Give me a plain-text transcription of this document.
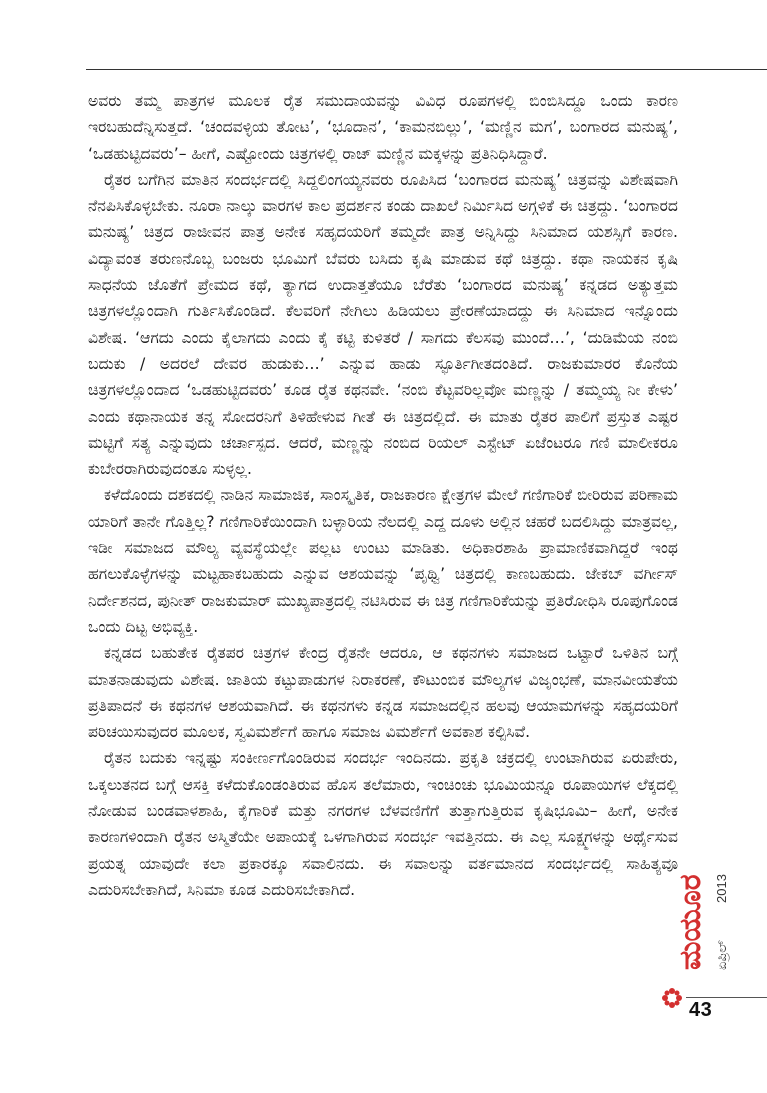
ಅವರು ತಮ್ಮ ಪಾತ್ರಗಳ ಮೂಲಕ ರೈತ ಸಮುದಾಯವನ್ನು ವಿವಿಧ ರೂಪಗಳಲ್ಲಿ ಬಿಂಬಿಸಿದ್ದೂ ಒಂದು ಕಾರಣ ಇರಬಹುದೆನ್ನಿಸುತ್ತದೆ. ‘ಚಂದವಳ್ಳಿಯ ತೋಟ’, ‘ಭೂದಾನ’, ‘ಕಾಮನಬಿಲ್ಲು’, ‘ಮಣ್ಣಿನ ಮಗ’, ಬಂಗಾರದ ಮನುಷ್ಯ’, ‘ಒಡಹುಟ್ಟಿದವರು’– ಹೀಗೆ, ಎಷ್ಟೋಂದು ಚಿತ್ರಗಳಲ್ಲಿ ರಾಜ್ ಮಣ್ಣಿನ ಮಕ್ಕಳನ್ನು ಪ್ರತಿನಿಧಿಸಿದ್ದಾರೆ.

ರೈತರ ಬಗೆಗಿನ ಮಾತಿನ ಸಂದರ್ಭದಲ್ಲಿ ಸಿದ್ದಲಿಂಗಯ್ಯನವರು ರೂಪಿಸಿದ ‘ಬಂಗಾರದ ಮನುಷ್ಯ’ ಚಿತ್ರವನ್ನು ವಿಶೇಷವಾಗಿ ನೆನಪಿಸಿಕೊಳ್ಳಬೇಕು. ನೂರಾ ನಾಲ್ಕು ವಾರಗಳ ಕಾಲ ಪ್ರದರ್ಶನ ಕಂಡು ದಾಖಲೆ ನಿರ್ಮಿಸಿದ ಅಗ್ಗಳಿಕೆ ಈ ಚಿತ್ರದ್ದು. ‘ಬಂಗಾರದ ಮನುಷ್ಯ’ ಚಿತ್ರದ ರಾಜೀವನ ಪಾತ್ರ ಅನೇಕ ಸಹೃದಯರಿಗೆ ತಮ್ಮದೇ ಪಾತ್ರ ಅನ್ನಿಸಿದ್ದು ಸಿನಿಮಾದ ಯಶಸ್ಸಿಗೆ ಕಾರಣ. ವಿದ್ಯಾವಂತ ತರುಣನೊಬ್ಬ ಬಂಜರು ಭೂಮಿಗೆ ಬೆವರು ಬಸಿದು ಕೃಷಿ ಮಾಡುವ ಕಥೆ ಚಿತ್ರದ್ದು. ಕಥಾ ನಾಯಕನ ಕೃಷಿ ಸಾಧನೆಯ ಜೊತೆಗೆ ಪ್ರೇಮದ ಕಥೆ, ತ್ಯಾಗದ ಉದಾತ್ತತೆಯೂ ಬೆರೆತು ‘ಬಂಗಾರದ ಮನುಷ್ಯ’ ಕನ್ನಡದ ಅತ್ಯುತ್ತಮ ಚಿತ್ರಗಳಲ್ಲೊಂದಾಗಿ ಗುರ್ತಿಸಿಕೊಂಡಿದೆ. ಕೆಲವರಿಗೆ ನೇಗಿಲು ಹಿಡಿಯಲು ಪ್ರೇರಣೆಯಾದದ್ದು ಈ ಸಿನಿಮಾದ ಇನ್ನೊಂದು ವಿಶೇಷ. ‘ಆಗದು ಎಂದು ಕೈಲಾಗದು ಎಂದು ಕೈ ಕಟ್ಟಿ ಕುಳಿತರೆ / ಸಾಗದು ಕೆಲಸವು ಮುಂದೆ…’, ‘ದುಡಿಮೆಯ ನಂಬಿ ಬದುಕು / ಅದರಲೆ ದೇವರ ಹುಡುಕು…’ ಎನ್ನುವ ಹಾಡು ಸ್ಫೂರ್ತಿಗೀತದಂತಿದೆ. ರಾಜಕುಮಾರರ ಕೊನೆಯ ಚಿತ್ರಗಳಲ್ಲೊಂದಾದ ‘ಒಡಹುಟ್ಟಿದವರು’ ಕೂಡ ರೈತ ಕಥನವೇ. ‘ನಂಬಿ ಕೆಟ್ಟವರಿಲ್ಲವೋ ಮಣ್ಣನ್ನು / ತಮ್ಮಯ್ಯ ನೀ ಕೇಳು’ ಎಂದು ಕಥಾನಾಯಕ ತನ್ನ ಸೋದರನಿಗೆ ತಿಳಿಹೇಳುವ ಗೀತೆ ಈ ಚಿತ್ರದಲ್ಲಿದೆ. ಈ ಮಾತು ರೈತರ ಪಾಲಿಗೆ ಪ್ರಸ್ತುತ ಎಷ್ಟರ ಮಟ್ಟಿಗೆ ಸತ್ಯ ಎನ್ನುವುದು ಚರ್ಚಾಸ್ಪದ. ಆದರೆ, ಮಣ್ಣನ್ನು ನಂಬಿದ ರಿಯಲ್ ಎಸ್ಟೇಟ್ ಏಜೆಂಟರೂ ಗಣಿ ಮಾಲೀಕರೂ ಕುಬೇರರಾಗಿರುವುದಂತೂ ಸುಳ್ಳಲ್ಲ.

ಕಳೆದೊಂದು ದಶಕದಲ್ಲಿ ನಾಡಿನ ಸಾಮಾಜಿಕ, ಸಾಂಸ್ಕೃತಿಕ, ರಾಜಕಾರಣ ಕ್ಷೇತ್ರಗಳ ಮೇಲೆ ಗಣಿಗಾರಿಕೆ ಬೀರಿರುವ ಪರಿಣಾಮ ಯಾರಿಗೆ ತಾನೇ ಗೊತ್ತಿಲ್ಲ? ಗಣಿಗಾರಿಕೆಯಿಂದಾಗಿ ಬಳ್ಳಾರಿಯ ನೆಲದಲ್ಲಿ ಎದ್ದ ದೂಳು ಅಲ್ಲಿನ ಚಹರೆ ಬದಲಿಸಿದ್ದು ಮಾತ್ರವಲ್ಲ, ಇಡೀ ಸಮಾಜದ ಮೌಲ್ಯ ವ್ಯವಸ್ಥೆಯಲ್ಲೇ ಪಲ್ಲಟ ಉಂಟು ಮಾಡಿತು. ಅಧಿಕಾರಶಾಹಿ ಪ್ರಾಮಾಣಿಕವಾಗಿದ್ದರೆ ಇಂಥ ಹಗಲುಕೊಳ್ಳೆಗಳನ್ನು ಮಟ್ಟಹಾಕಬಹುದು ಎನ್ನುವ ಆಶಯವನ್ನು ‘ಪೃಥ್ವಿ’ ಚಿತ್ರದಲ್ಲಿ ಕಾಣಬಹುದು. ಜೇಕಬ್ ವರ್ಗೀಸ್ ನಿರ್ದೇಶನದ, ಪುನೀತ್ ರಾಜಕುಮಾರ್ ಮುಖ್ಯಪಾತ್ರದಲ್ಲಿ ನಟಿಸಿರುವ ಈ ಚಿತ್ರ ಗಣಿಗಾರಿಕೆಯನ್ನು ಪ್ರತಿರೋಧಿಸಿ ರೂಪುಗೊಂಡ ಒಂದು ದಿಟ್ಟ ಅಭಿವ್ಯಕ್ತಿ.

ಕನ್ನಡದ ಬಹುತೇಕ ರೈತಪರ ಚಿತ್ರಗಳ ಕೇಂದ್ರ ರೈತನೇ ಆದರೂ, ಆ ಕಥನಗಳು ಸಮಾಜದ ಒಟ್ಟಾರೆ ಒಳಿತಿನ ಬಗ್ಗೆ ಮಾತನಾಡುವುದು ವಿಶೇಷ. ಜಾತಿಯ ಕಟ್ಟುಪಾಡುಗಳ ನಿರಾಕರಣೆ, ಕೌಟುಂಬಿಕ ಮೌಲ್ಯಗಳ ವಿಜೃಂಭಣೆ, ಮಾನವೀಯತೆಯ ಪ್ರತಿಪಾದನೆ ಈ ಕಥನಗಳ ಆಶಯವಾಗಿದೆ. ಈ ಕಥನಗಳು ಕನ್ನಡ ಸಮಾಜದಲ್ಲಿನ ಹಲವು ಆಯಾಮಗಳನ್ನು ಸಹೃದಯರಿಗೆ ಪರಿಚಯಿಸುವುದರ ಮೂಲಕ, ಸ್ವವಿಮರ್ಶೆಗೆ ಹಾಗೂ ಸಮಾಜ ವಿಮರ್ಶೆಗೆ ಅವಕಾಶ ಕಲ್ಪಿಸಿವೆ.

ರೈತನ ಬದುಕು ಇನ್ನಷ್ಟು ಸಂಕೀರ್ಣಗೊಂಡಿರುವ ಸಂದರ್ಭ ಇಂದಿನದು. ಪ್ರಕೃತಿ ಚಕ್ರದಲ್ಲಿ ಉಂಟಾಗಿರುವ ಏರುಪೇರು, ಒಕ್ಕಲುತನದ ಬಗ್ಗೆ ಆಸಕ್ತಿ ಕಳೆದುಕೊಂಡಂತಿರುವ ಹೊಸ ತಲೆಮಾರು, ಇಂಚಿಂಚು ಭೂಮಿಯನ್ನೂ ರೂಪಾಯಿಗಳ ಲೆಕ್ಕದಲ್ಲಿ ನೋಡುವ ಬಂಡವಾಳಶಾಹಿ, ಕೈಗಾರಿಕೆ ಮತ್ತು ನಗರಗಳ ಬೆಳವಣಿಗೆಗೆ ತುತ್ತಾಗುತ್ತಿರುವ ಕೃಷಿಭೂಮಿ– ಹೀಗೆ, ಅನೇಕ ಕಾರಣಗಳಿಂದಾಗಿ ರೈತನ ಅಸ್ಮಿತೆಯೇ ಅಪಾಯಕ್ಕೆ ಒಳಗಾಗಿರುವ ಸಂದರ್ಭ ಇವತ್ತಿನದು. ಈ ಎಲ್ಲ ಸೂಕ್ಷ್ಮಗಳನ್ನು ಅರ್ಥೈಸುವ ಪ್ರಯತ್ನ ಯಾವುದೇ ಕಲಾ ಪ್ರಕಾರಕ್ಕೂ ಸವಾಲಿನದು. ಈ ಸವಾಲನ್ನು ವರ್ತಮಾನದ ಸಂದರ್ಭದಲ್ಲಿ ಸಾಹಿತ್ಯವೂ ಎದುರಿಸಬೇಕಾಗಿದೆ, ಸಿನಿಮಾ ಕೂಡ ಎದುರಿಸಬೇಕಾಗಿದೆ.	ಮಯೂರ ಏಪ್ರಿಲ್
2013
43
